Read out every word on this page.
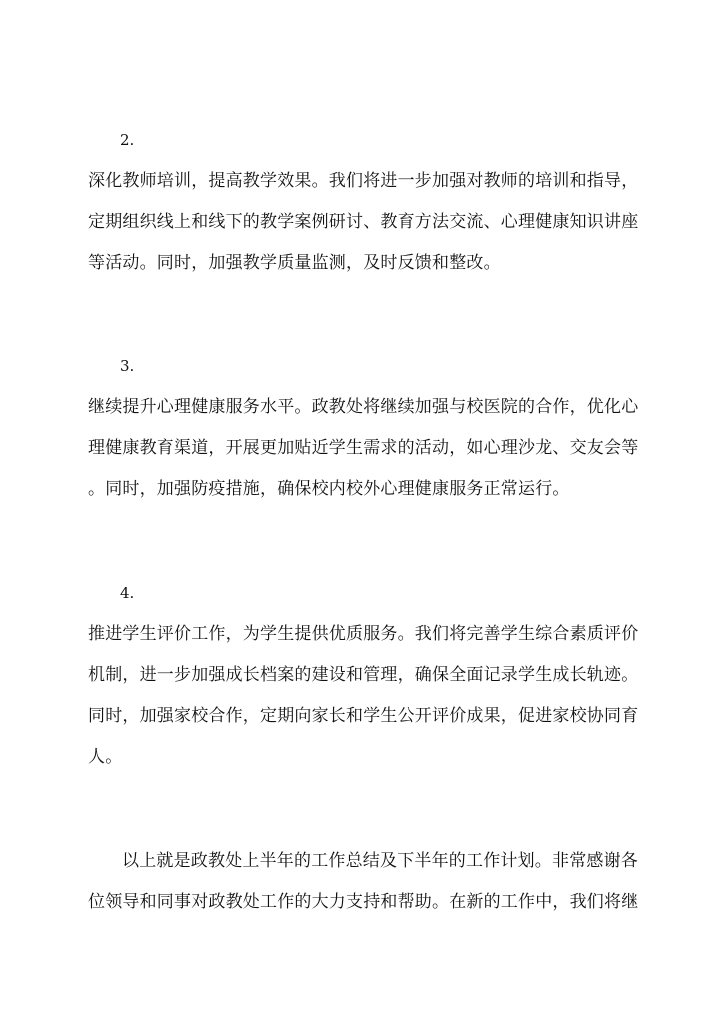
2.
深化教师培训，提高教学效果。我们将进一步加强对教师的培训和指导，
定期组织线上和线下的教学案例研讨、教育方法交流、心理健康知识讲座
等活动。同时，加强教学质量监测，及时反馈和整改。
3.
继续提升心理健康服务水平。政教处将继续加强与校医院的合作，优化心
理健康教育渠道，开展更加贴近学生需求的活动，如心理沙龙、交友会等
。同时，加强防疫措施，确保校内校外心理健康服务正常运行。
4.
推进学生评价工作，为学生提供优质服务。我们将完善学生综合素质评价
机制，进一步加强成长档案的建设和管理，确保全面记录学生成长轨迹。
同时，加强家校合作，定期向家长和学生公开评价成果，促进家校协同育
人。
以上就是政教处上半年的工作总结及下半年的工作计划。非常感谢各
位领导和同事对政教处工作的大力支持和帮助。在新的工作中，我们将继
